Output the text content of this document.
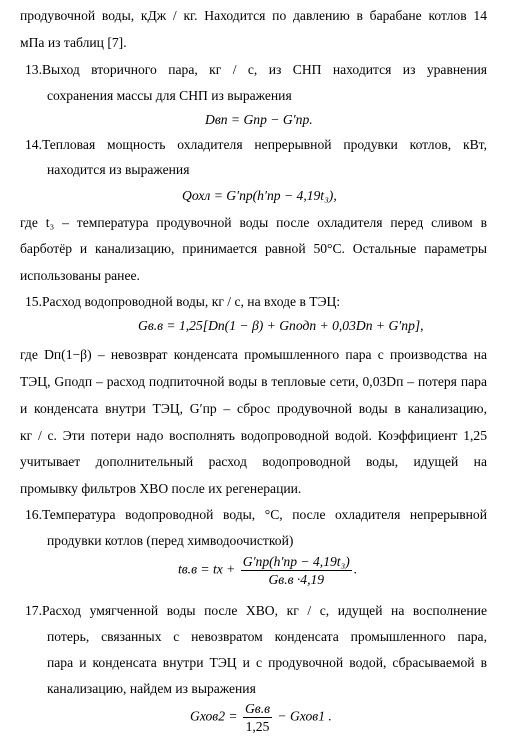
продувочной воды, кДж / кг. Находится по давлению в барабане котлов 14
мПа из таблиц [7].
13.Выход вторичного пара, кг / с, из СНП находится из уравнения
сохранения массы для СНП из выражения
Dвп = Gпр − G′пр.
14.Тепловая мощность охладителя непрерывной продувки котлов, кВт,
находится из выражения
Qохл = G′пр(h′пр − 4,19t₃),
где t₃ – температура продувочной воды после охладителя перед сливом в
барботёр и канализацию, принимается равной 50°С. Остальные параметры
использованы ранее.
15.Расход водопроводной воды, кг / с, на входе в ТЭЦ:
Gв.в = 1,25[Dп(1 − β) + Gподп + 0,03Dп + G′пр],
где Dп(1−β) – невозврат конденсата промышленного пара с производства на
ТЭЦ, Gподп – расход подпиточной воды в тепловые сети, 0,03Dп – потеря пара
и конденсата внутри ТЭЦ, G′пр – сброс продувочной воды в канализацию,
кг / с. Эти потери надо восполнять водопроводной водой. Коэффициент 1,25
учитывает дополнительный расход водопроводной воды, идущей на
промывку фильтров ХВО после их регенерации.
16.Температура водопроводной воды, °С, после охладителя непрерывной
продувки котлов (перед химводоочисткой)
tв.в = tх + $\frac{\text{G′пр(h′пр − 4,19t₃)}}{Gв.в \cdot 4,19}$ .
17.Расход умягченной воды после ХВО, кг / с, идущей на восполнение
потерь, связанных с невозвратом конденсата промышленного пара,
пара и конденсата внутри ТЭЦ и с продувочной водой, сбрасываемой в
канализацию, найдем из выражения
Gхов2 = $\frac{Gв.в}{1,25}$ − Gхов1 .
